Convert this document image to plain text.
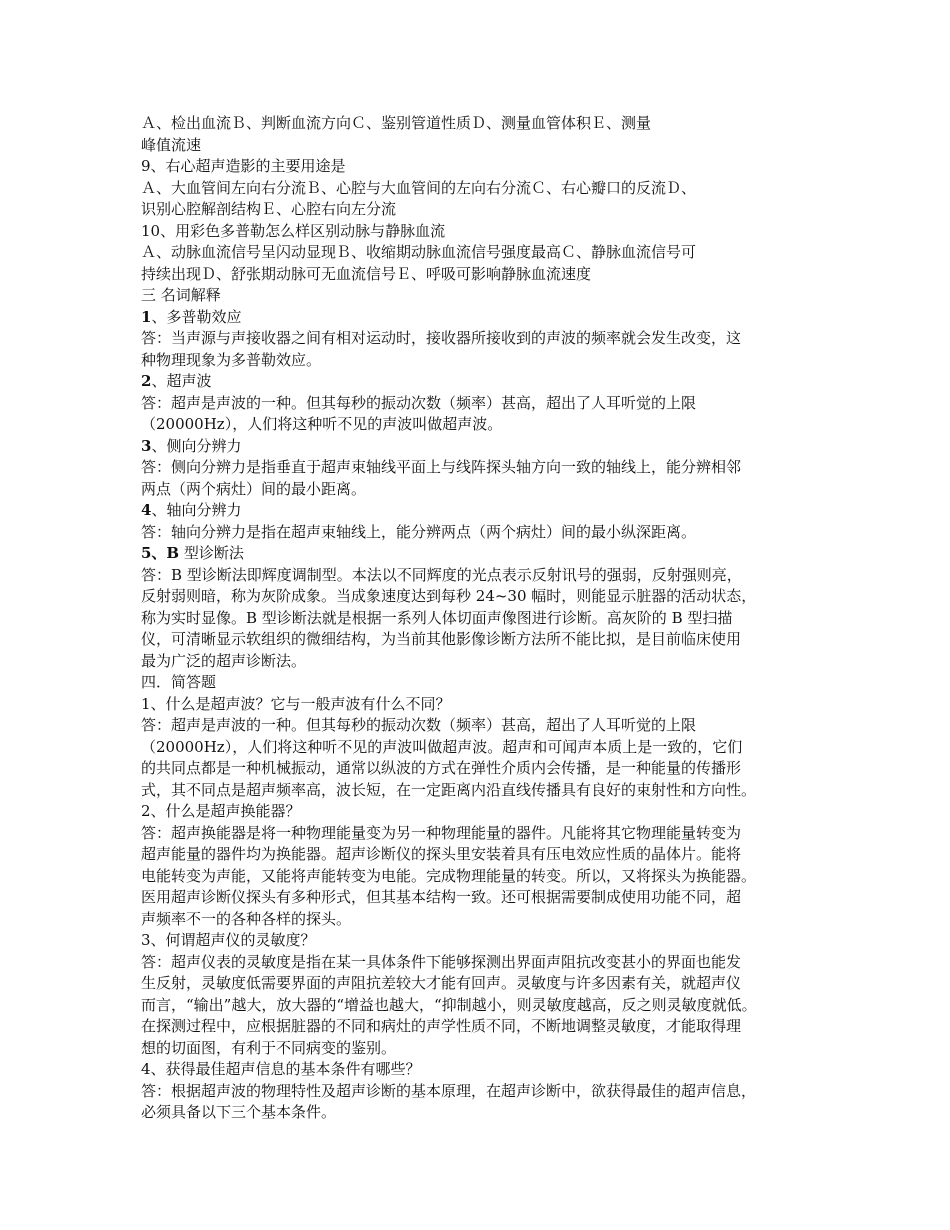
Ａ、检出血流Ｂ、判断血流方向Ｃ、鉴别管道性质Ｄ、测量血管体积Ｅ、测量
峰值流速
9、右心超声造影的主要用途是
Ａ、大血管间左向右分流Ｂ、心腔与大血管间的左向右分流Ｃ、右心瓣口的反流Ｄ、
识别心腔解剖结构Ｅ、心腔右向左分流
10、用彩色多普勒怎么样区别动脉与静脉血流
Ａ、动脉血流信号呈闪动显现Ｂ、收缩期动脉血流信号强度最高Ｃ、静脉血流信号可
持续出现Ｄ、舒张期动脉可无血流信号Ｅ、呼吸可影响静脉血流速度
三 名词解释
1、多普勒效应
答：当声源与声接收器之间有相对运动时，接收器所接收到的声波的频率就会发生改变，这
种物理现象为多普勒效应。
2、超声波
答：超声是声波的一种。但其每秒的振动次数（频率）甚高，超出了人耳听觉的上限
（20000Hz），人们将这种听不见的声波叫做超声波。
3、侧向分辨力
答：侧向分辨力是指垂直于超声束轴线平面上与线阵探头轴方向一致的轴线上，能分辨相邻
两点（两个病灶）间的最小距离。
4、轴向分辨力
答：轴向分辨力是指在超声束轴线上，能分辨两点（两个病灶）间的最小纵深距离。
5、B 型诊断法
答：B 型诊断法即辉度调制型。本法以不同辉度的光点表示反射讯号的强弱，反射强则亮，
反射弱则暗，称为灰阶成象。当成象速度达到每秒 24~30 幅时，则能显示脏器的活动状态，
称为实时显像。B 型诊断法就是根据一系列人体切面声像图进行诊断。高灰阶的 B 型扫描
仪，可清晰显示软组织的微细结构，为当前其他影像诊断方法所不能比拟，是目前临床使用
最为广泛的超声诊断法。
四．简答题
1、什么是超声波？它与一般声波有什么不同？
答：超声是声波的一种。但其每秒的振动次数（频率）甚高，超出了人耳听觉的上限
（20000Hz），人们将这种听不见的声波叫做超声波。超声和可闻声本质上是一致的，它们
的共同点都是一种机械振动，通常以纵波的方式在弹性介质内会传播，是一种能量的传播形
式，其不同点是超声频率高，波长短，在一定距离内沿直线传播具有良好的束射性和方向性。
2、什么是超声换能器？
答：超声换能器是将一种物理能量变为另一种物理能量的器件。凡能将其它物理能量转变为
超声能量的器件均为换能器。超声诊断仪的探头里安装着具有压电效应性质的晶体片。能将
电能转变为声能，又能将声能转变为电能。完成物理能量的转变。所以，又将探头为换能器。
医用超声诊断仪探头有多种形式，但其基本结构一致。还可根据需要制成使用功能不同，超
声频率不一的各种各样的探头。
3、何谓超声仪的灵敏度？
答：超声仪表的灵敏度是指在某一具体条件下能够探测出界面声阻抗改变甚小的界面也能发
生反射，灵敏度低需要界面的声阻抗差较大才能有回声。灵敏度与许多因素有关，就超声仪
而言，“输出”越大，放大器的“增益也越大，“抑制越小，则灵敏度越高，反之则灵敏度就低。
在探测过程中，应根据脏器的不同和病灶的声学性质不同，不断地调整灵敏度，才能取得理
想的切面图，有利于不同病变的鉴别。
4、获得最佳超声信息的基本条件有哪些？
答：根据超声波的物理特性及超声诊断的基本原理，在超声诊断中，欲获得最佳的超声信息，
必须具备以下三个基本条件。
